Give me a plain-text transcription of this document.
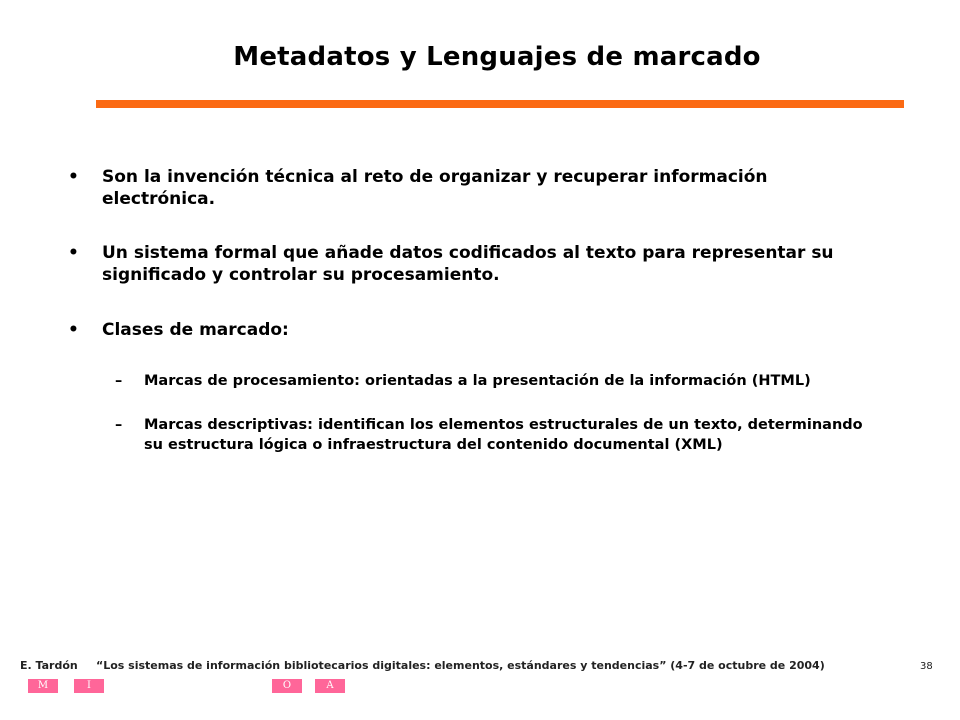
Metadatos y Lenguajes de marcado
• Son la invención técnica al reto de organizar y recuperar información electrónica.
• Un sistema formal que añade datos codificados al texto para representar su significado y controlar su procesamiento.
• Clases de marcado:
– Marcas de procesamiento: orientadas a la presentación de la información (HTML)
– Marcas descriptivas: identifican los elementos estructurales de un texto, determinando su estructura lógica o infraestructura del contenido documental (XML)
E. Tardón “Los sistemas de información bibliotecarios digitales: elementos, estándares y tendencias” (4-7 de octubre de 2004)	38
M	I	O	A
